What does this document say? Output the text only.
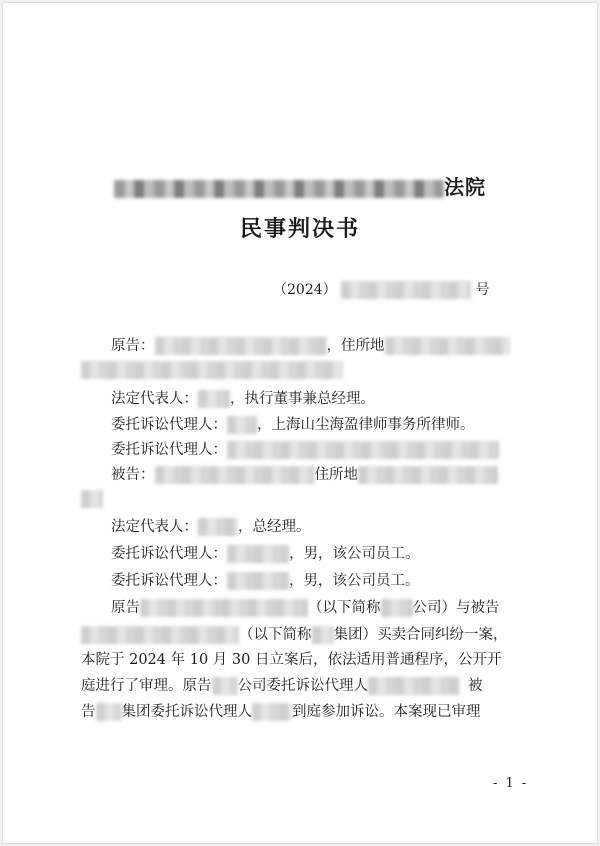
法院
民事判决书
（2024）	号
原告：	，住所地
法定代表人： ，执行董事兼总经理。
委托诉讼代理人： ，上海山尘海盈律师事务所律师。
委托诉讼代理人：
被告：	住所地
法定代表人：	，总经理。
委托诉讼代理人：	，男，该公司员工。
委托诉讼代理人：	，男，该公司员工。
原告	（以下简称 公司）与被告
（以下简称 集团）买卖合同纠纷一案，
本院于 2024 年 10 月 30 日立案后，依法适用普通程序，公开开
庭进行了审理。原告 公司委托诉讼代理人	被
告 集团委托诉讼代理人	到庭参加诉讼。本案现已审理
- 1 -
